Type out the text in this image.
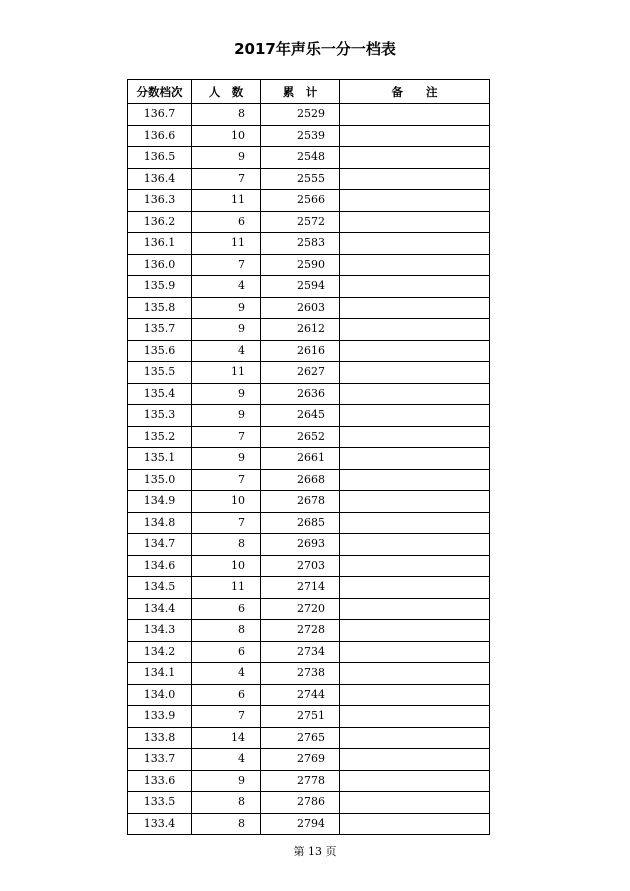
2017年声乐一分一档表
分数档次	人　数	累　计	备　　注
136.7	8	2529	
136.6	10	2539	
136.5	9	2548	
136.4	7	2555	
136.3	11	2566	
136.2	6	2572	
136.1	11	2583	
136.0	7	2590	
135.9	4	2594	
135.8	9	2603	
135.7	9	2612	
135.6	4	2616	
135.5	11	2627	
135.4	9	2636	
135.3	9	2645	
135.2	7	2652	
135.1	9	2661	
135.0	7	2668	
134.9	10	2678	
134.8	7	2685	
134.7	8	2693	
134.6	10	2703	
134.5	11	2714	
134.4	6	2720	
134.3	8	2728	
134.2	6	2734	
134.1	4	2738	
134.0	6	2744	
133.9	7	2751	
133.8	14	2765	
133.7	4	2769	
133.6	9	2778	
133.5	8	2786	
133.4	8	2794	
第 13 页
